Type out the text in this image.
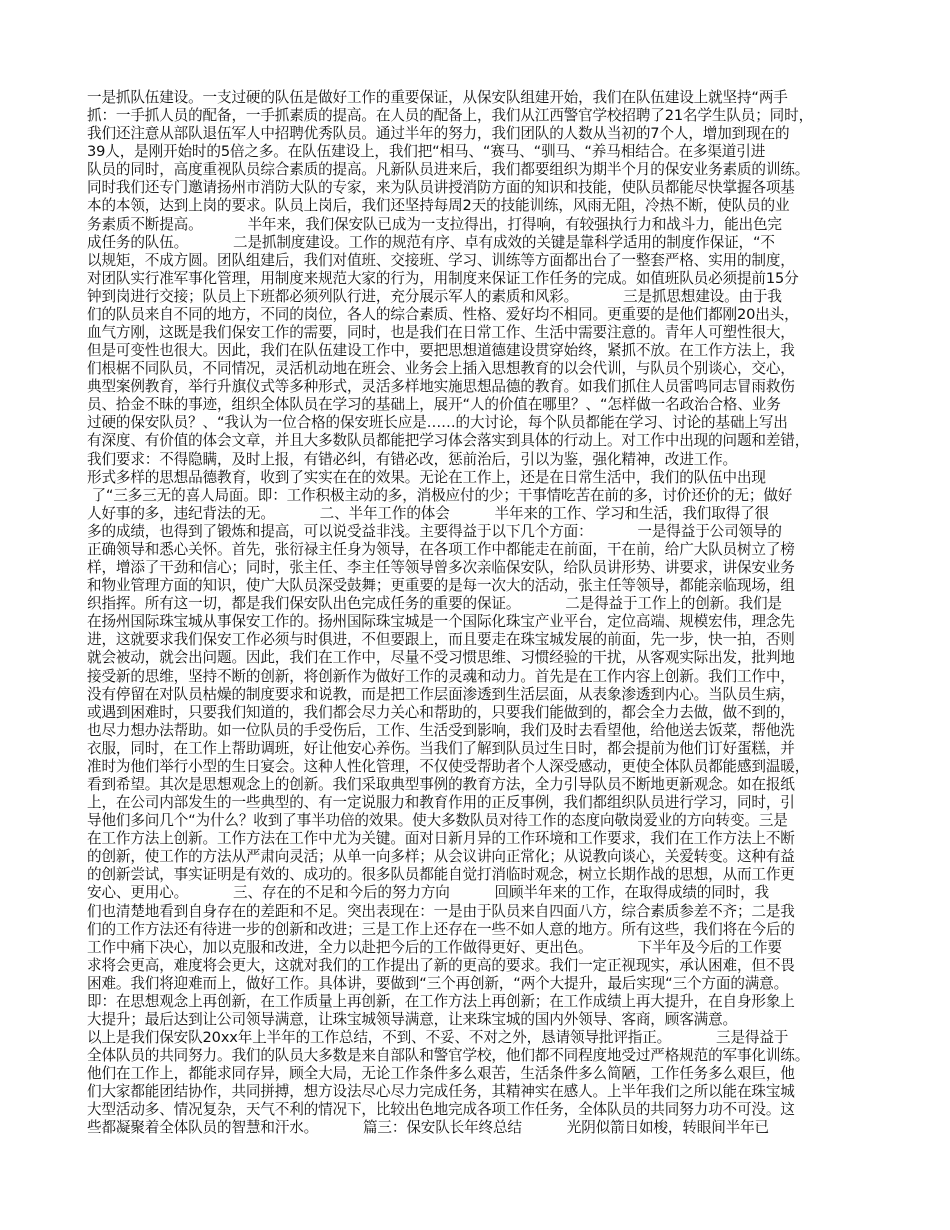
一是抓队伍建设。一支过硬的队伍是做好工作的重要保证，从保安队组建开始，我们在队伍建设上就坚持“两手
抓：一手抓人员的配备，一手抓素质的提高。在人员的配备上，我们从江西警官学校招聘了21名学生队员；同时，
我们还注意从部队退伍军人中招聘优秀队员。通过半年的努力，我们团队的人数从当初的7个人，增加到现在的
39人，是刚开始时的5倍之多。在队伍建设上，我们把“相马、“赛马、“驯马、“养马相结合。在多渠道引进
队员的同时，高度重视队员综合素质的提高。凡新队员进来后，我们都要组织为期半个月的保安业务素质的训练。
同时我们还专门邀请扬州市消防大队的专家，来为队员讲授消防方面的知识和技能，使队员都能尽快掌握各项基
本的本领，达到上岗的要求。队员上岗后，我们还坚持每周2天的技能训练，风雨无阻，冷热不断，使队员的业
务素质不断提高。          半年来，我们保安队已成为一支拉得出，打得响，有较强执行力和战斗力，能出色完
成任务的队伍。          二是抓制度建设。工作的规范有序、卓有成效的关键是靠科学适用的制度作保证，“不
以规矩，不成方圆。团队组建后，我们对值班、交接班、学习、训练等方面都出台了一整套严格、实用的制度，
对团队实行准军事化管理，用制度来规范大家的行为，用制度来保证工作任务的完成。如值班队员必须提前15分
钟到岗进行交接；队员上下班都必须列队行进，充分展示军人的素质和风彩。          三是抓思想建设。由于我
们的队员来自不同的地方，不同的岗位，各人的综合素质、性格、爱好均不相同。更重要的是他们都刚20出头，
血气方刚，这既是我们保安工作的需要，同时，也是我们在日常工作、生活中需要注意的。青年人可塑性很大，
但是可变性也很大。因此，我们在队伍建设工作中，要把思想道德建设贯穿始终，紧抓不放。在工作方法上，我
们根椐不同队员，不同情况，灵活机动地在班会、业务会上插入思想教育的以会代训，与队员个别谈心，交心，
典型案例教育，举行升旗仪式等多种形式，灵活多样地实施思想品德的教育。如我们抓住人员雷鸣同志冒雨救伤
员、拾金不昧的事迹，组织全体队员在学习的基础上，展开“人的价值在哪里？、“怎样做一名政治合格、业务
过硬的保安队员？、“我认为一位合格的保安班长应是……的大讨论，每个队员都能在学习、讨论的基础上写出
有深度、有价值的体会文章，并且大多数队员都能把学习体会落实到具体的行动上。对工作中出现的问题和差错，
我们要求：不得隐瞒，及时上报，有错必纠，有错必改，惩前治后，引以为鉴，强化精神，改进工作。
形式多样的思想品德教育，收到了实实在在的效果。无论在工作上，还是在日常生活中，我们的队伍中出现
了“三多三无的喜人局面。即：工作积极主动的多，消极应付的少；干事情吃苦在前的多，讨价还价的无；做好
人好事的多，违纪背法的无。          二、半年工作的体会          半年来的工作、学习和生活，我们取得了很
多的成绩，也得到了锻炼和提高，可以说受益非浅。主要得益于以下几个方面：          一是得益于公司领导的
正确领导和悉心关怀。首先，张衍禄主任身为领导，在各项工作中都能走在前面，干在前，给广大队员树立了榜
样，增添了干劲和信心；同时，张主任、李主任等领导曾多次亲临保安队，给队员讲形势、讲要求，讲保安业务
和物业管理方面的知识，使广大队员深受鼓舞；更重要的是每一次大的活动，张主任等领导，都能亲临现场，组
织指挥。所有这一切，都是我们保安队出色完成任务的重要的保证。          二是得益于工作上的创新。我们是
在扬州国际珠宝城从事保安工作的。扬州国际珠宝城是一个国际化珠宝产业平台，定位高端、规模宏伟，理念先
进，这就要求我们保安工作必须与时俱进，不但要跟上，而且要走在珠宝城发展的前面，先一步，快一拍，否则
就会被动，就会出问题。因此，我们在工作中，尽量不受习惯思维、习惯经验的干扰，从客观实际出发，批判地
接受新的思维，坚持不断的创新，将创新作为做好工作的灵魂和动力。首先是在工作内容上创新。我们工作中，
没有停留在对队员枯燥的制度要求和说教，而是把工作层面渗透到生活层面，从表象渗透到内心。当队员生病，
或遇到困难时，只要我们知道的，我们都会尽力关心和帮助的，只要我们能做到的，都会全力去做，做不到的，
也尽力想办法帮助。如一位队员的手受伤后，工作、生活受到影响，我们及时去看望他，给他送去饭菜，帮他洗
衣服，同时，在工作上帮助调班，好让他安心养伤。当我们了解到队员过生日时，都会提前为他们订好蛋糕，并
准时为他们举行小型的生日宴会。这种人性化管理，不仅使受帮助者个人深受感动，更使全体队员都能感到温暖，
看到希望。其次是思想观念上的创新。我们采取典型事例的教育方法，全力引导队员不断地更新观念。如在报纸
上，在公司内部发生的一些典型的、有一定说服力和教育作用的正反事例，我们都组织队员进行学习，同时，引
导他们多问几个“为什么？收到了事半功倍的效果。使大多数队员对待工作的态度向敬岗爱业的方向转变。三是
在工作方法上创新。工作方法在工作中尤为关键。面对日新月异的工作环境和工作要求，我们在工作方法上不断
的创新，使工作的方法从严肃向灵活；从单一向多样；从会议讲向正常化；从说教向谈心，关爱转变。这种有益
的创新尝试，事实证明是有效的、成功的。很多队员都能自觉打消临时观念，树立长期作战的思想，从而工作更
安心、更用心。          三、存在的不足和今后的努力方向          回顾半年来的工作，在取得成绩的同时，我
们也清楚地看到自身存在的差距和不足。突出表现在：一是由于队员来自四面八方，综合素质参差不齐；二是我
们的工作方法还有待进一步的创新和改进；三是工作上还存在一些不如人意的地方。所有这些，我们将在今后的
工作中痛下决心，加以克服和改进，全力以赴把今后的工作做得更好、更出色。          下半年及今后的工作要
求将会更高，难度将会更大，这就对我们的工作提出了新的更高的要求。我们一定正视现实，承认困难，但不畏
困难。我们将迎难而上，做好工作。具体讲，要做到“三个再创新，“两个大提升，最后实现“三个方面的满意。
即：在思想观念上再创新，在工作质量上再创新，在工作方法上再创新；在工作成绩上再大提升，在自身形象上
大提升；最后达到让公司领导满意，让珠宝城领导满意，让来珠宝城的国内外领导、客商，顾客满意。
以上是我们保安队20xx年上半年的工作总结，不到、不妥、不对之外，恳请领导批评指正。          三是得益于
全体队员的共同努力。我们的队员大多数是来自部队和警官学校，他们都不同程度地受过严格规范的军事化训练。
他们在工作上，都能求同存异，顾全大局，无论工作条件多么艰苦，生活条件多么简陋，工作任务多么艰巨，他
们大家都能团结协作，共同拼搏，想方设法尽心尽力完成任务，其精神实在感人。上半年我们之所以能在珠宝城
大型活动多、情况复杂，天气不利的情况下，比较出色地完成各项工作任务，全体队员的共同努力功不可没。这
些都凝聚着全体队员的智慧和汗水。          篇三：保安队长年终总结          光阴似箭日如梭，转眼间半年已
